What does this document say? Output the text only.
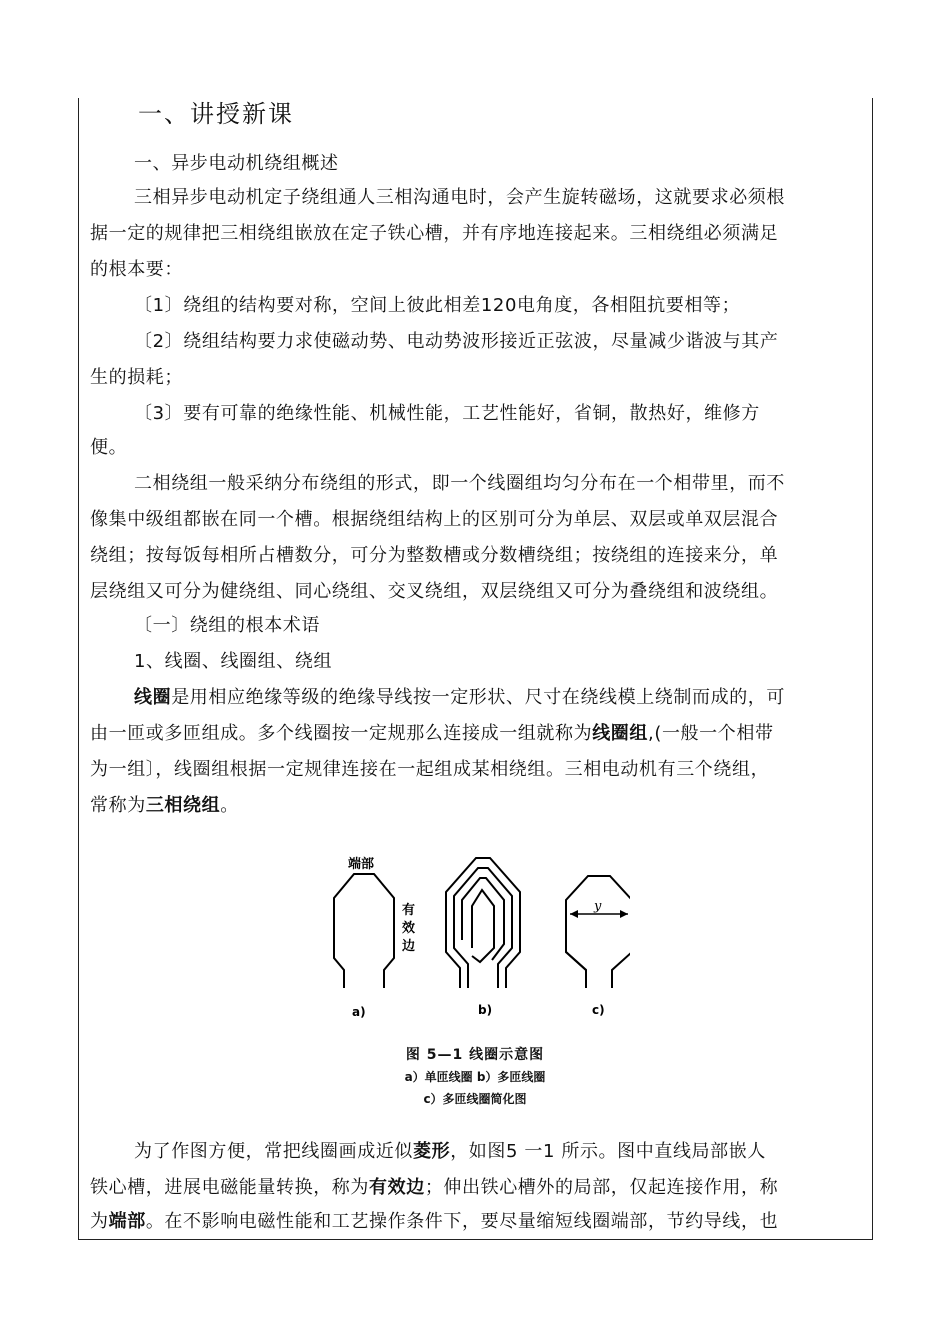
一、讲授新课
一、异步电动机绕组概述
三相异步电动机定子绕组通人三相沟通电时，会产生旋转磁场，这就要求必须根
据一定的规律把三相绕组嵌放在定子铁心槽，并有序地连接起来。三相绕组必须满足
的根本要：
〔1〕绕组的结构要对称，空间上彼此相差120电角度，各相阻抗要相等；
〔2〕绕组结构要力求使磁动势、电动势波形接近正弦波，尽量减少谐波与其产
生的损耗；
〔3〕要有可靠的绝缘性能、机械性能，工艺性能好，省铜，散热好，维修方
便。
二相绕组一般采纳分布绕组的形式，即一个线圈组均匀分布在一个相带里，而不
像集中级组都嵌在同一个槽。根据绕组结构上的区别可分为单层、双层或单双层混合
绕组；按每饭每相所占槽数分，可分为整数槽或分数槽绕组；按绕组的连接来分，单
层绕组又可分为健绕组、同心绕组、交叉绕组，双层绕组又可分为叠绕组和波绕组。
〔一〕绕组的根本术语
1、线圈、线圈组、绕组
线圈是用相应绝缘等级的绝缘导线按一定形状、尺寸在绕线模上绕制而成的，可
由一匝或多匝组成。多个线圈按一定规那么连接成一组就称为线圈组,(一般一个相带
为一组〕，线圈组根据一定规律连接在一起组成某相绕组。三相电动机有三个绕组，
常称为三相绕组。
端部
有
效
边
y
a)	b)	c)
图 5—1 线圈示意图
a）单匝线圈 b）多匝线圈
c）多匝线圈简化图
为了作图方便，常把线圈画成近似菱形，如图5 一1 所示。图中直线局部嵌人
铁心槽，进展电磁能量转换，称为有效边；伸出铁心槽外的局部，仅起连接作用，称
为端部。在不影响电磁性能和工艺操作条件下，要尽量缩短线圈端部，节约导线，也
